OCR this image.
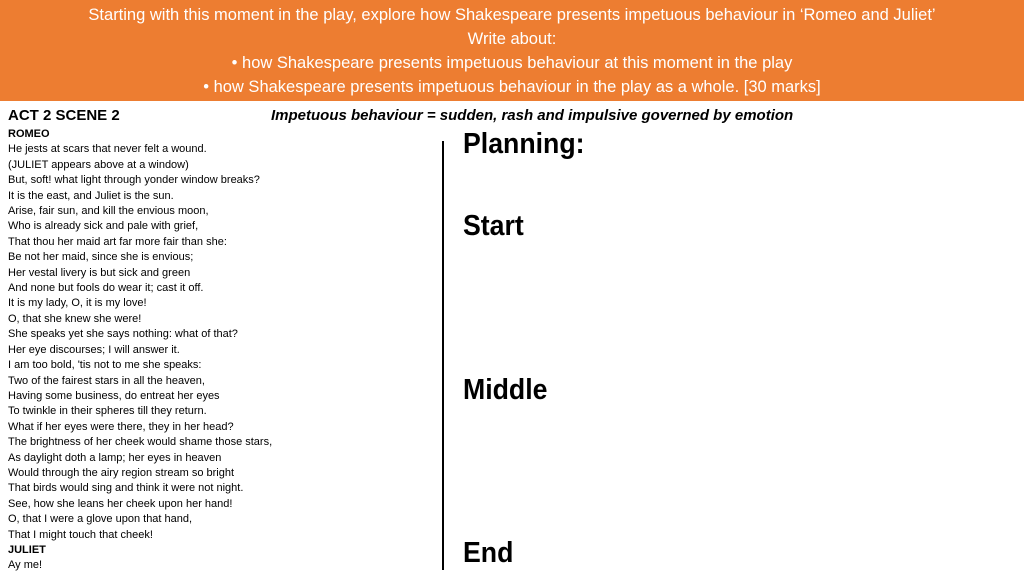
Starting with this moment in the play, explore how Shakespeare presents impetuous behaviour in ‘Romeo and Juliet’
Write about:
• how Shakespeare presents impetuous behaviour at this moment in the play
• how Shakespeare presents impetuous behaviour in the play as a whole. [30 marks]
ACT 2 SCENE 2	Impetuous behaviour = sudden, rash and impulsive governed by emotion
ROMEO
He jests at scars that never felt a wound.
(JULIET appears above at a window)
But, soft! what light through yonder window breaks?
It is the east, and Juliet is the sun.
Arise, fair sun, and kill the envious moon,
Who is already sick and pale with grief,
That thou her maid art far more fair than she:
Be not her maid, since she is envious;
Her vestal livery is but sick and green
And none but fools do wear it; cast it off.
It is my lady, O, it is my love!
O, that she knew she were!
She speaks yet she says nothing: what of that?
Her eye discourses; I will answer it.
I am too bold, 'tis not to me she speaks:
Two of the fairest stars in all the heaven,
Having some business, do entreat her eyes
To twinkle in their spheres till they return.
What if her eyes were there, they in her head?
The brightness of her cheek would shame those stars,
As daylight doth a lamp; her eyes in heaven
Would through the airy region stream so bright
That birds would sing and think it were not night.
See, how she leans her cheek upon her hand!
O, that I were a glove upon that hand,
That I might touch that cheek!
JULIET
Ay me!
Planning:
Start
Middle
End
